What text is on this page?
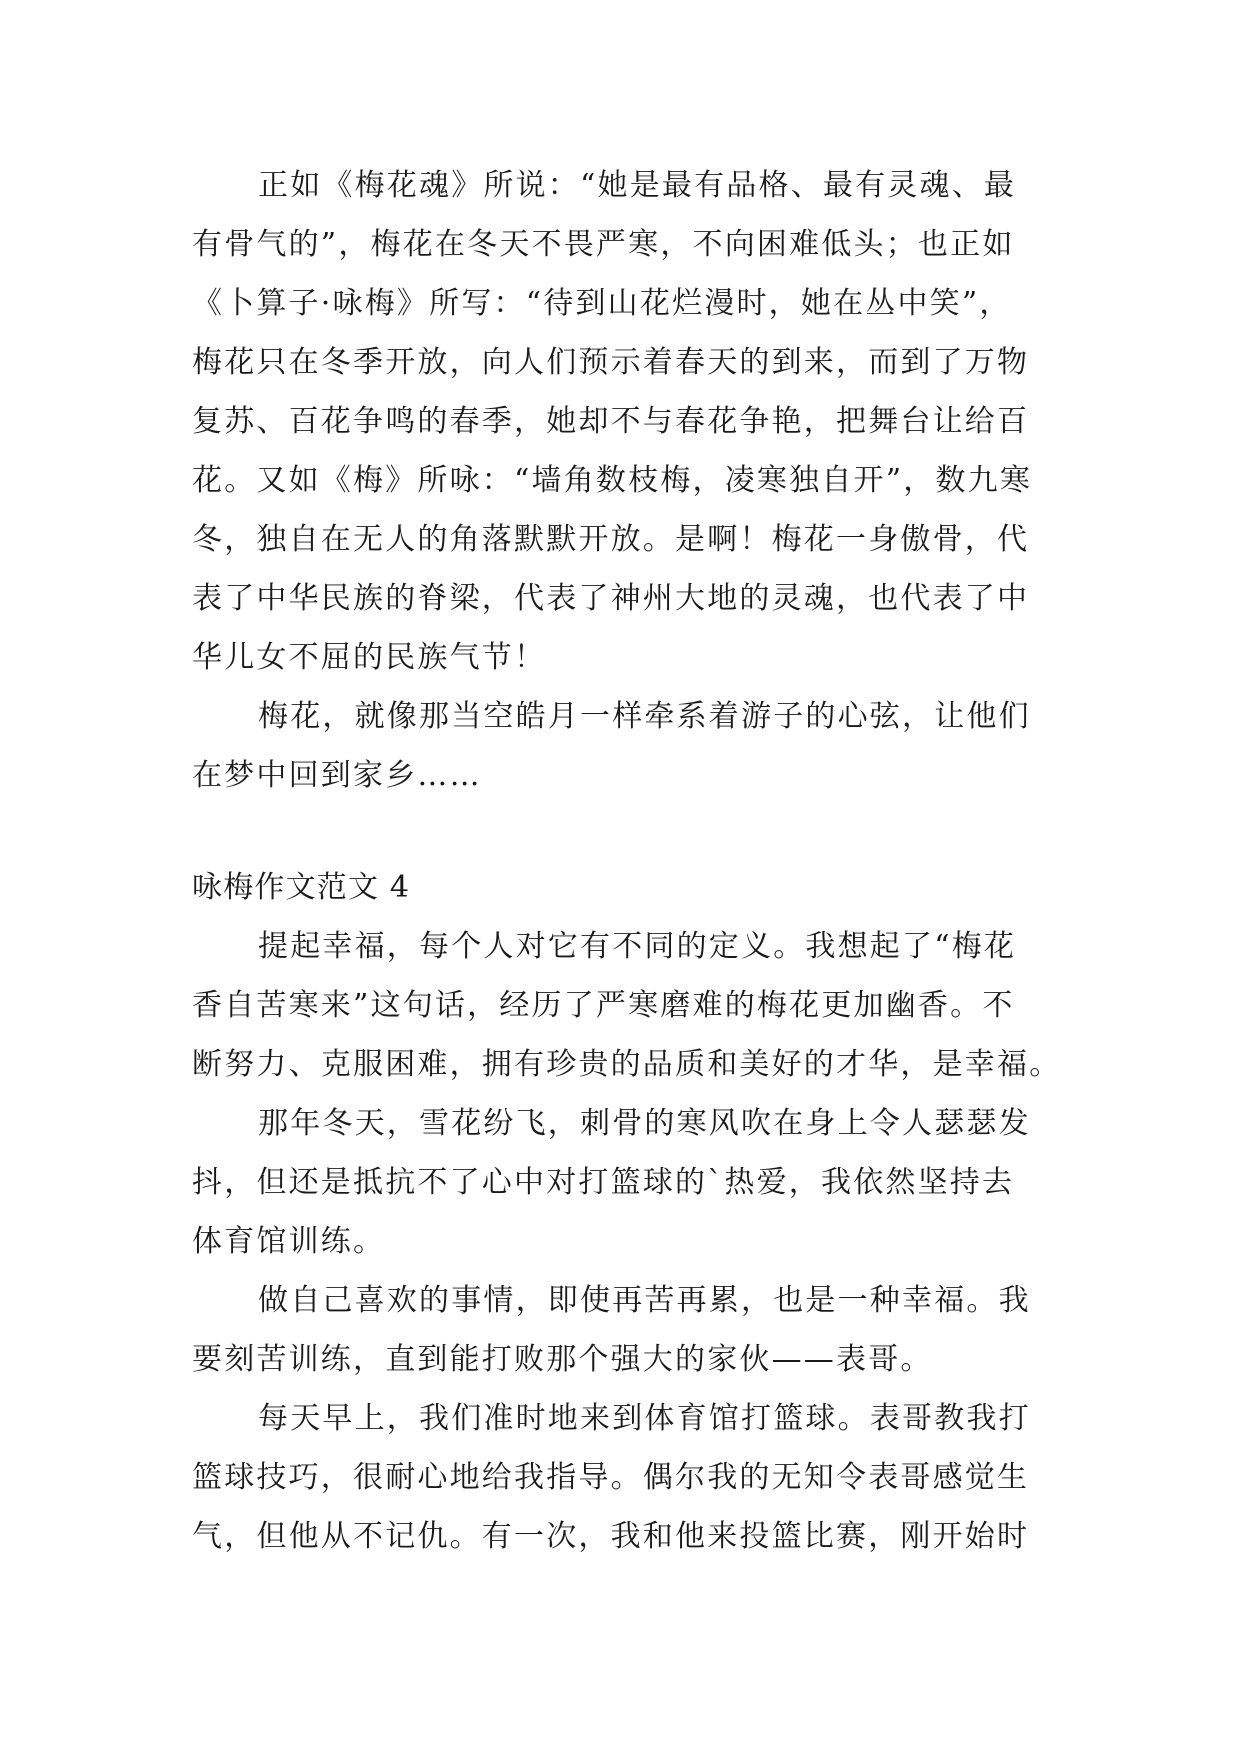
正如《梅花魂》所说：“她是最有品格、最有灵魂、最
有骨气的”，梅花在冬天不畏严寒，不向困难低头；也正如
《卜算子·咏梅》所写：“待到山花烂漫时，她在丛中笑”，
梅花只在冬季开放，向人们预示着春天的到来，而到了万物
复苏、百花争鸣的春季，她却不与春花争艳，把舞台让给百
花。又如《梅》所咏：“墙角数枝梅，凌寒独自开”，数九寒
冬，独自在无人的角落默默开放。是啊！梅花一身傲骨，代
表了中华民族的脊梁，代表了神州大地的灵魂，也代表了中
华儿女不屈的民族气节！
梅花，就像那当空皓月一样牵系着游子的心弦，让他们
在梦中回到家乡……
咏梅作文范文 4
提起幸福，每个人对它有不同的定义。我想起了“梅花
香自苦寒来”这句话，经历了严寒磨难的梅花更加幽香。不
断努力、克服困难，拥有珍贵的品质和美好的才华，是幸福。
那年冬天，雪花纷飞，刺骨的寒风吹在身上令人瑟瑟发
抖，但还是抵抗不了心中对打篮球的`热爱，我依然坚持去
体育馆训练。
做自己喜欢的事情，即使再苦再累，也是一种幸福。我
要刻苦训练，直到能打败那个强大的家伙——表哥。
每天早上，我们准时地来到体育馆打篮球。表哥教我打
篮球技巧，很耐心地给我指导。偶尔我的无知令表哥感觉生
气，但他从不记仇。有一次，我和他来投篮比赛，刚开始时
